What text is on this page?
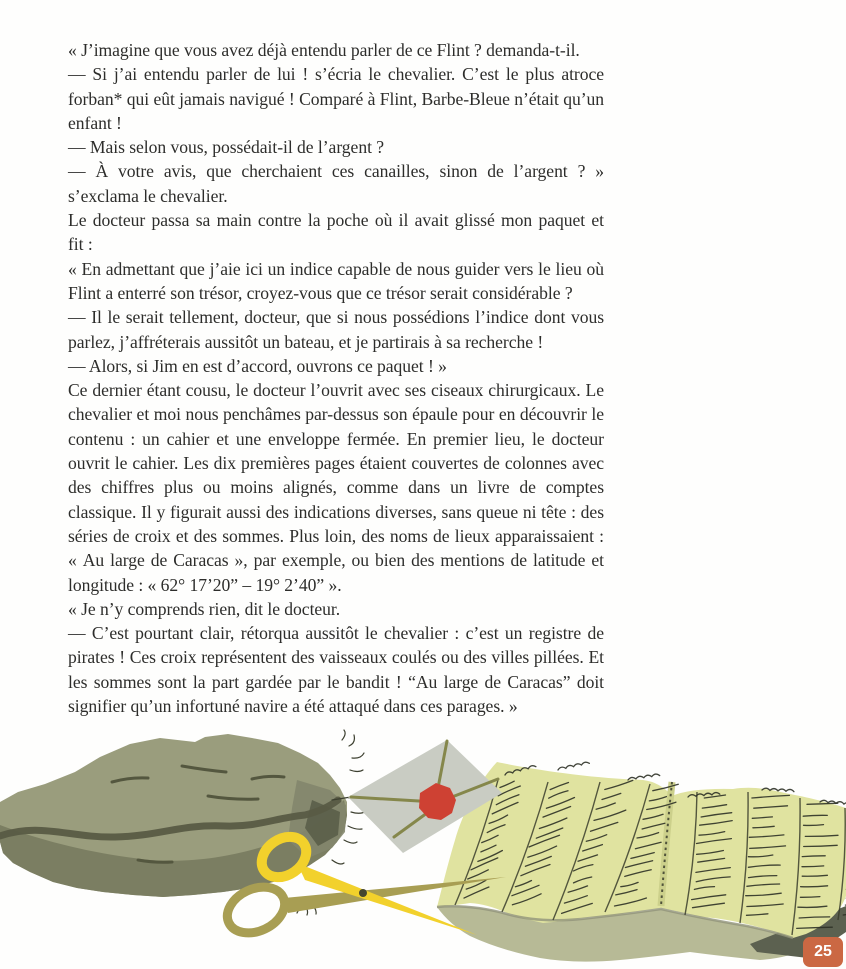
« J’imagine que vous avez déjà entendu parler de ce Flint ? demanda-t-il.

— Si j’ai entendu parler de lui ! s’écria le chevalier. C’est le plus atroce forban* qui eût jamais navigué ! Comparé à Flint, Barbe-Bleue n’était qu’un enfant !

— Mais selon vous, possédait-il de l’argent ?

— À votre avis, que cherchaient ces canailles, sinon de l’argent ? » s’exclama le chevalier.

Le docteur passa sa main contre la poche où il avait glissé mon paquet et fit :

« En admettant que j’aie ici un indice capable de nous guider vers le lieu où Flint a enterré son trésor, croyez-vous que ce trésor serait considérable ?

— Il le serait tellement, docteur, que si nous possédions l’indice dont vous parlez, j’affréterais aussitôt un bateau, et je partirais à sa recherche !

— Alors, si Jim en est d’accord, ouvrons ce paquet ! »

Ce dernier étant cousu, le docteur l’ouvrit avec ses ciseaux chirurgicaux. Le chevalier et moi nous penchâmes par-dessus son épaule pour en découvrir le contenu : un cahier et une enveloppe fermée. En premier lieu, le docteur ouvrit le cahier. Les dix premières pages étaient couvertes de colonnes avec des chiffres plus ou moins alignés, comme dans un livre de comptes classique. Il y figurait aussi des indications diverses, sans queue ni tête : des séries de croix et des sommes. Plus loin, des noms de lieux apparaissaient : « Au large de Caracas », par exemple, ou bien des mentions de latitude et longitude : « 62° 17’20” – 19° 2’40” ».

« Je n’y comprends rien, dit le docteur.

— C’est pourtant clair, rétorqua aussitôt le chevalier : c’est un registre de pirates ! Ces croix représentent des vaisseaux coulés ou des villes pillées. Et les sommes sont la part gardée par le bandit ! “Au large de Caracas” doit signifier qu’un infortuné navire a été attaqué dans ces parages. »

25
